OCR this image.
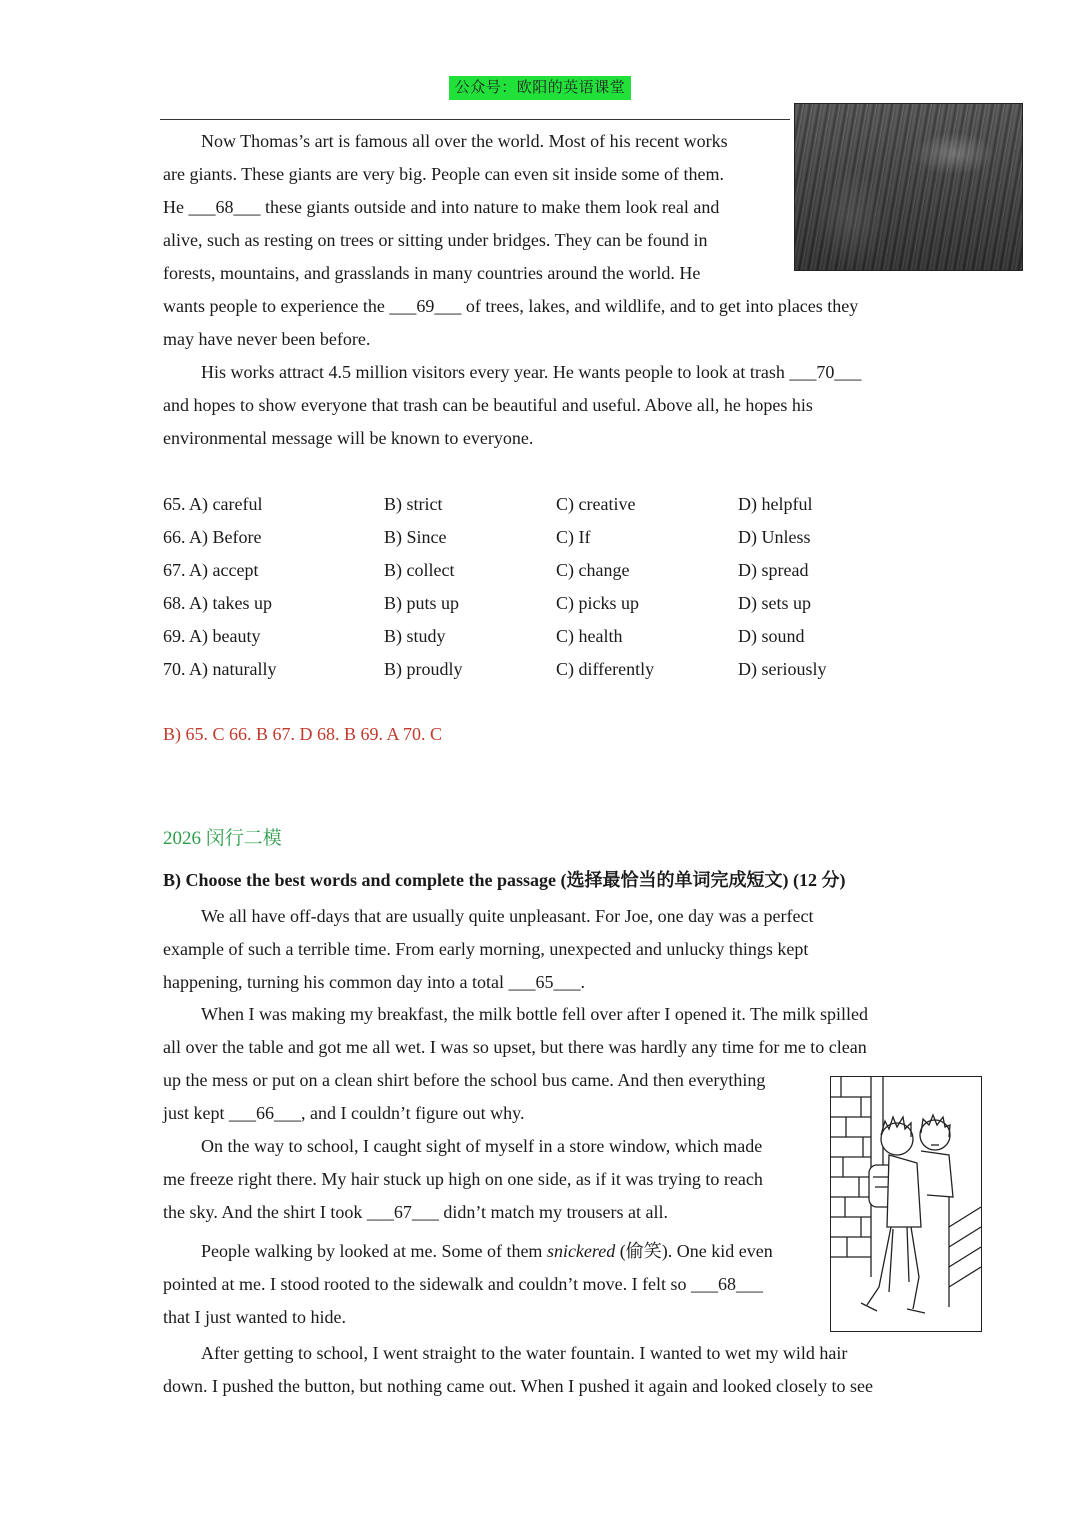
公众号：欧阳的英语课堂

Now Thomas’s art is famous all over the world. Most of his recent works
are giants. These giants are very big. People can even sit inside some of them.
He ___68___ these giants outside and into nature to make them look real and
alive, such as resting on trees or sitting under bridges. They can be found in
forests, mountains, and grasslands in many countries around the world. He

wants people to experience the ___69___ of trees, lakes, and wildlife, and to get into places they
may have never been before.

His works attract 4.5 million visitors every year. He wants people to look at trash ___70___
and hopes to show everyone that trash can be beautiful and useful. Above all, he hopes his
environmental message will be known to everyone.

65. A) careful	B) strict	C) creative	D) helpful
66. A) Before	B) Since	C) If	D) Unless
67. A) accept	B) collect	C) change	D) spread
68. A) takes up	B) puts up	C) picks up	D) sets up
69. A) beauty	B) study	C) health	D) sound
70. A) naturally	B) proudly	C) differently	D) seriously
B) 65. C 66. B 67. D 68. B 69. A 70. C
2026 闵行二模
B) Choose the best words and complete the passage (选择最恰当的单词完成短文) (12 分)

We all have off-days that are usually quite unpleasant. For Joe, one day was a perfect
example of such a terrible time. From early morning, unexpected and unlucky things kept
happening, turning his common day into a total ___65___.

When I was making my breakfast, the milk bottle fell over after I opened it. The milk spilled
all over the table and got me all wet. I was so upset, but there was hardly any time for me to clean

up the mess or put on a clean shirt before the school bus came. And then everything
just kept ___66___, and I couldn’t figure out why.

On the way to school, I caught sight of myself in a store window, which made
me freeze right there. My hair stuck up high on one side, as if it was trying to reach
the sky. And the shirt I took ___67___ didn’t match my trousers at all.

People walking by looked at me. Some of them snickered (偷笑). One kid even
pointed at me. I stood rooted to the sidewalk and couldn’t move. I felt so ___68___
that I just wanted to hide.

After getting to school, I went straight to the water fountain. I wanted to wet my wild hair
down. I pushed the button, but nothing came out. When I pushed it again and looked closely to see
